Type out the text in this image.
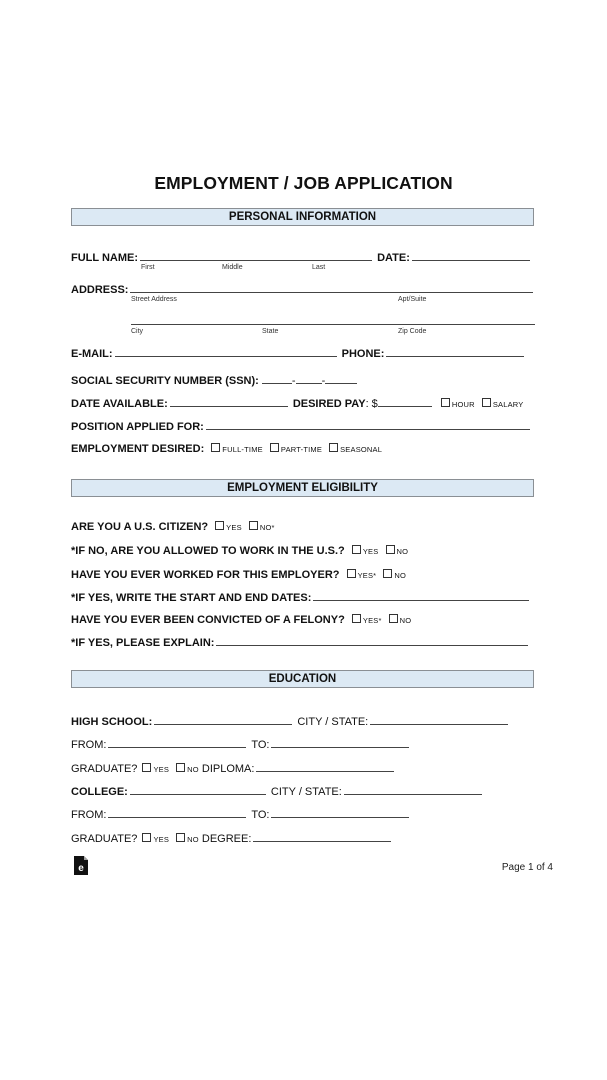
EMPLOYMENT / JOB APPLICATION
PERSONAL INFORMATION
FULL NAME:	DATE:
First	Middle	Last
ADDRESS:
Street Address	Apt/Suite
City	State	Zip Code
E-MAIL:	PHONE:
SOCIAL SECURITY NUMBER (SSN):	- -
DATE AVAILABLE:	DESIRED PAY: $	HOUR SALARY
POSITION APPLIED FOR:
EMPLOYMENT DESIRED: FULL-TIME PART-TIME SEASONAL
EMPLOYMENT ELIGIBILITY
ARE YOU A U.S. CITIZEN? YES NO*
*IF NO, ARE YOU ALLOWED TO WORK IN THE U.S.? YES NO
HAVE YOU EVER WORKED FOR THIS EMPLOYER? YES* NO
*IF YES, WRITE THE START AND END DATES:
HAVE YOU EVER BEEN CONVICTED OF A FELONY? YES* NO
*IF YES, PLEASE EXPLAIN:
EDUCATION
HIGH SCHOOL:	CITY / STATE:
FROM:	TO:
GRADUATE? YES NO DIPLOMA:
COLLEGE:	CITY / STATE:
FROM:	TO:
GRADUATE? YES NO DEGREE:
e	Page 1 of 4
